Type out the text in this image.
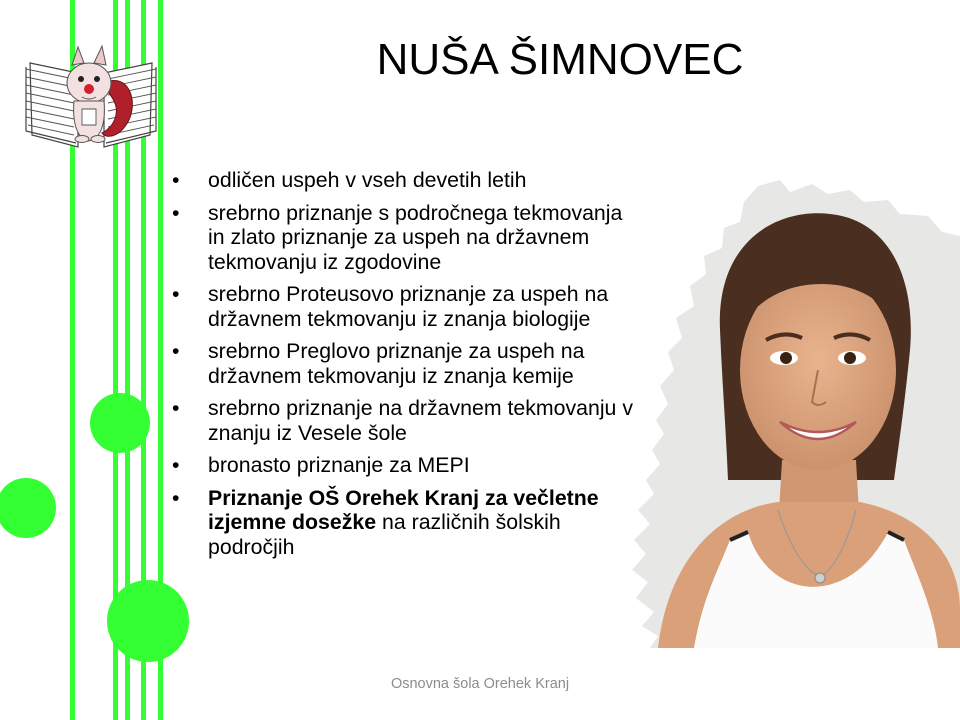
NUŠA ŠIMNOVEC
• odličen uspeh v vseh devetih letih
• srebrno priznanje s področnega tekmovanja in zlato priznanje za uspeh na državnem tekmovanju iz zgodovine
• srebrno Proteusovo priznanje za uspeh na državnem tekmovanju iz znanja biologije
• srebrno Preglovo priznanje za uspeh na državnem tekmovanju iz znanja kemije
• srebrno priznanje na državnem tekmovanju v znanju iz Vesele šole
• bronasto priznanje za MEPI
• Priznanje OŠ Orehek Kranj za večletne izjemne dosežke na različnih šolskih področjih
Osnovna šola Orehek Kranj
